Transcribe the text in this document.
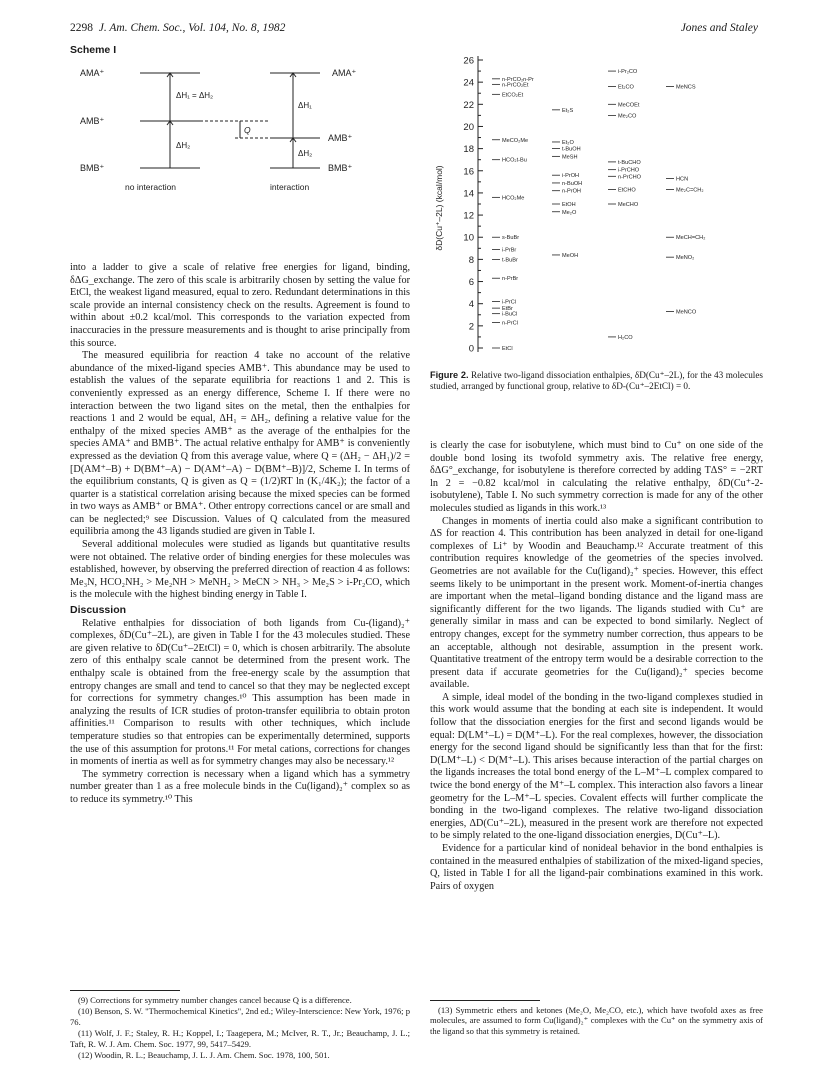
2298 J. Am. Chem. Soc., Vol. 104, No. 8, 1982	Jones and Staley
Scheme I
AMA⁺
AMB⁺
BMB⁺
ΔH₁ = ΔH₂
ΔH₂
no interaction
Q
AMA⁺
AMB⁺
BMB⁺
ΔH₁
ΔH₂
interaction
0
2
4
6
8
10
12
14
16
18
20
22
24
26
i-Pr₂CO
n-PrCO₂n-Pr
n-PrCO₂Et	Et₂CO	MeNCS
EtCO₂Et
MeCOEt
Et₂S
Me₂CO
MeCO₂Me	Et₂O
t-BuOH
MeSH
HCO₂t-Bu	t-BuCHO
i-PrCHO
i-PrOH	n-PrCHO	HCN
n-BuOH
EtCHO	Me₂C=CH₂
n-PrOH
HCO₂Me
EtOH	MeCHO
Me₂O
s-BuBr	MeCH=CH₂
i-PrBr
MeOH	MeNO₂
t-BuBr
n-PrBr
i-PrCl
EtBr
MeNCO
i-BuCl
n-PrCl
H₂CO
EtCl
δD(Cu⁺–2L) (kcal/mol)
Figure 2. Relative two-ligand dissociation enthalpies, δD(Cu⁺–2L), for the 43 molecules studied, arranged by functional group, relative to δD-(Cu⁺–2EtCl) = 0.

into a ladder to give a scale of relative free energies for ligand, binding, δΔG_exchange. The zero of this scale is arbitrarily chosen by setting the value for EtCl, the weakest ligand measured, equal to zero. Redundant determinations in this scale provide an internal consistency check on the results. Agreement is found to within about ±0.2 kcal/mol. This corresponds to the variation expected from inaccuracies in the pressure measurements and is thought to arise principally from this source.

The measured equilibria for reaction 4 take no account of the relative abundance of the mixed-ligand species AMB⁺. This abundance may be used to establish the values of the separate equilibria for reactions 1 and 2. This is conveniently expressed as an energy difference, Scheme I. If there were no interaction between the two ligand sites on the metal, then the enthalpies for reactions 1 and 2 would be equal, ΔH₁ = ΔH₂, defining a relative value for the enthalpy of the mixed species AMB⁺ as the average of the enthalpies for the species AMA⁺ and BMB⁺. The actual relative enthalpy for AMB⁺ is conveniently expressed as the deviation Q from this average value, where Q = (ΔH₂ − ΔH₁)/2 = [D(AM⁺–B) + D(BM⁺–A) − D(AM⁺–A) − D(BM⁺–B)]/2, Scheme I. In terms of the equilibrium constants, Q is given as Q = (1/2)RT ln (K₁/4K₂); the factor of a quarter is a statistical correlation arising because the mixed species can be formed in two ways as AMB⁺ or BMA⁺. Other entropy corrections cancel or are small and can be neglected;⁹ see Discussion. Values of Q calculated from the measured equilibria among the 43 ligands studied are given in Table I.

Several additional molecules were studied as ligands but quantitative results were not obtained. The relative order of binding energies for these molecules was established, however, by observing the preferred direction of reaction 4 as follows: Me₃N, HCO₂NH₂ > Me₂NH > MeNH₂ > MeCN > NH₃ > Me₂S > i-Pr₂CO, which is the molecule with the highest binding energy in Table I.

Discussion

Relative enthalpies for dissociation of both ligands from Cu-(ligand)₂⁺ complexes, δD(Cu⁺–2L), are given in Table I for the 43 molecules studied. These are given relative to δD(Cu⁺–2EtCl) = 0, which is chosen arbitrarily. The absolute zero of this enthalpy scale cannot be determined from the present work. The enthalpy scale is obtained from the free-energy scale by the assumption that entropy changes are small and tend to cancel so that they may be neglected except for corrections for symmetry changes.¹⁰ This assumption has been made in analyzing the results of ICR studies of proton-transfer equilibria to obtain proton affinities.¹¹ Comparison to results with other techniques, which include temperature studies so that entropies can be experimentally determined, supports the use of this assumption for protons.¹¹ For metal cations, corrections for changes in moments of inertia as well as for symmetry changes may also be necessary.¹²

The symmetry correction is necessary when a ligand which has a symmetry number greater than 1 as a free molecule binds in the Cu(ligand)₂⁺ complex so as to reduce its symmetry.¹⁰ This

(9) Corrections for symmetry number changes cancel because Q is a difference.

(10) Benson, S. W. "Thermochemical Kinetics", 2nd ed.; Wiley-Interscience: New York, 1976; p 76.

(11) Wolf, J. F.; Staley, R. H.; Koppel, I.; Taagepera, M.; McIver, R. T., Jr.; Beauchamp, J. L.; Taft, R. W. J. Am. Chem. Soc. 1977, 99, 5417–5429.

(12) Woodin, R. L.; Beauchamp, J. L. J. Am. Chem. Soc. 1978, 100, 501.

is clearly the case for isobutylene, which must bind to Cu⁺ on one side of the double bond losing its twofold symmetry axis. The relative free energy, δΔG°_exchange, for isobutylene is therefore corrected by adding TΔS° = −2RT ln 2 = −0.82 kcal/mol in calculating the relative enthalpy, δD(Cu⁺-2-isobutylene), Table I. No such symmetry correction is made for any of the other molecules studied as ligands in this work.¹³

Changes in moments of inertia could also make a significant contribution to ΔS for reaction 4. This contribution has been analyzed in detail for one-ligand complexes of Li⁺ by Woodin and Beauchamp.¹² Accurate treatment of this contribution requires knowledge of the geometries of the species involved. Geometries are not available for the Cu(ligand)₂⁺ species. However, this effect seems likely to be unimportant in the present work. Moment-of-inertia changes are important when the metal–ligand bonding distance and the ligand mass are significantly different for the two ligands. The ligands studied with Cu⁺ are generally similar in mass and can be expected to bond similarly. Neglect of entropy changes, except for the symmetry number correction, thus appears to be an acceptable, although not desirable, assumption in the present work. Quantitative treatment of the entropy term would be a desirable correction to the present data if accurate geometries for the Cu(ligand)₂⁺ species become available.

A simple, ideal model of the bonding in the two-ligand complexes studied in this work would assume that the bonding at each site is independent. It would follow that the dissociation energies for the first and second ligands would be equal: D(LM⁺–L) = D(M⁺–L). For the real complexes, however, the dissociation energy for the second ligand should be significantly less than that for the first: D(LM⁺–L) < D(M⁺–L). This arises because interaction of the partial charges on the ligands increases the total bond energy of the L–M⁺–L complex compared to twice the bond energy of the M⁺–L complex. This interaction also favors a linear geometry for the L–M⁺–L species. Covalent effects will further complicate the bonding in the two-ligand complexes. The relative two-ligand dissociation energies, ΔD(Cu⁺–2L), measured in the present work are therefore not expected to be simply related to the one-ligand dissociation energies, D(Cu⁺–L).

Evidence for a particular kind of nonideal behavior in the bond enthalpies is contained in the measured enthalpies of stabilization of the mixed-ligand species, Q, listed in Table I for all the ligand-pair combinations examined in this work. Pairs of oxygen

(13) Symmetric ethers and ketones (Me₂O, Me₂CO, etc.), which have twofold axes as free molecules, are assumed to form Cu(ligand)₂⁺ complexes with the Cu⁺ on the symmetry axis of the ligand so that this symmetry is retained.
